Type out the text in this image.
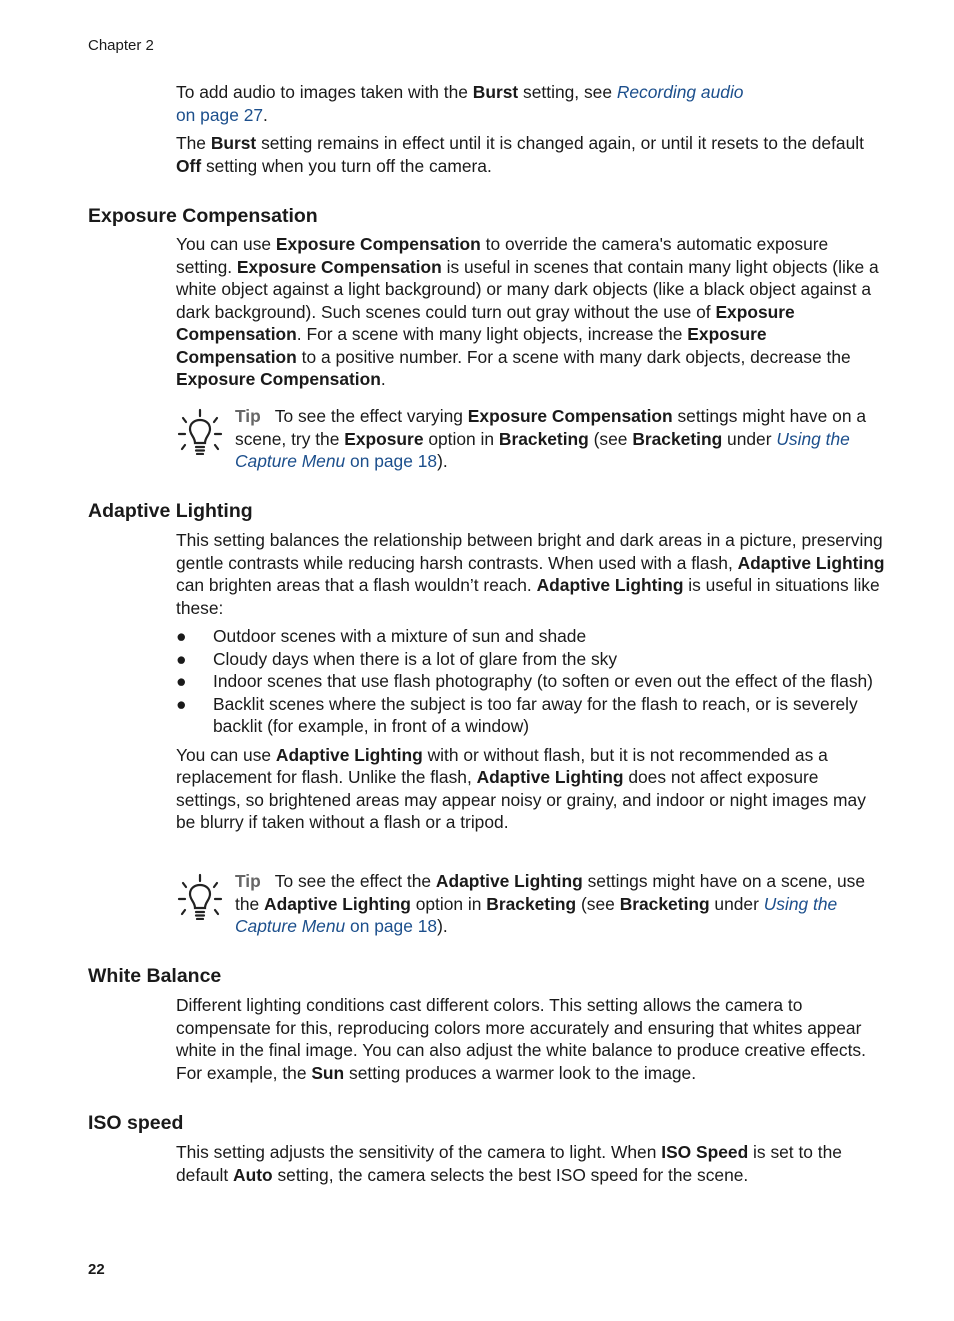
Chapter 2

To add audio to images taken with the Burst setting, see Recording audio
on page 27.

The Burst setting remains in effect until it is changed again, or until it resets to the default Off setting when you turn off the camera.

Exposure Compensation

You can use Exposure Compensation to override the camera's automatic exposure setting. Exposure Compensation is useful in scenes that contain many light objects (like a white object against a light background) or many dark objects (like a black object against a dark background). Such scenes could turn out gray without the use of Exposure Compensation. For a scene with many light objects, increase the Exposure Compensation to a positive number. For a scene with many dark objects, decrease the Exposure Compensation.

Tip To see the effect varying Exposure Compensation settings might have on a scene, try the Exposure option in Bracketing (see Bracketing under Using the Capture Menu on page 18).
Adaptive Lighting

This setting balances the relationship between bright and dark areas in a picture, preserving gentle contrasts while reducing harsh contrasts. When used with a flash, Adaptive Lighting can brighten areas that a flash wouldn’t reach. Adaptive Lighting is useful in situations like these:

● Outdoor scenes with a mixture of sun and shade
● Cloudy days when there is a lot of glare from the sky
● Indoor scenes that use flash photography (to soften or even out the effect of the flash)
● Backlit scenes where the subject is too far away for the flash to reach, or is severely backlit (for example, in front of a window)

You can use Adaptive Lighting with or without flash, but it is not recommended as a replacement for flash. Unlike the flash, Adaptive Lighting does not affect exposure settings, so brightened areas may appear noisy or grainy, and indoor or night images may be blurry if taken without a flash or a tripod.

Tip To see the effect the Adaptive Lighting settings might have on a scene, use the Adaptive Lighting option in Bracketing (see Bracketing under Using the Capture Menu on page 18).
White Balance

Different lighting conditions cast different colors. This setting allows the camera to compensate for this, reproducing colors more accurately and ensuring that whites appear white in the final image. You can also adjust the white balance to produce creative effects. For example, the Sun setting produces a warmer look to the image.

ISO speed

This setting adjusts the sensitivity of the camera to light. When ISO Speed is set to the default Auto setting, the camera selects the best ISO speed for the scene.

22
